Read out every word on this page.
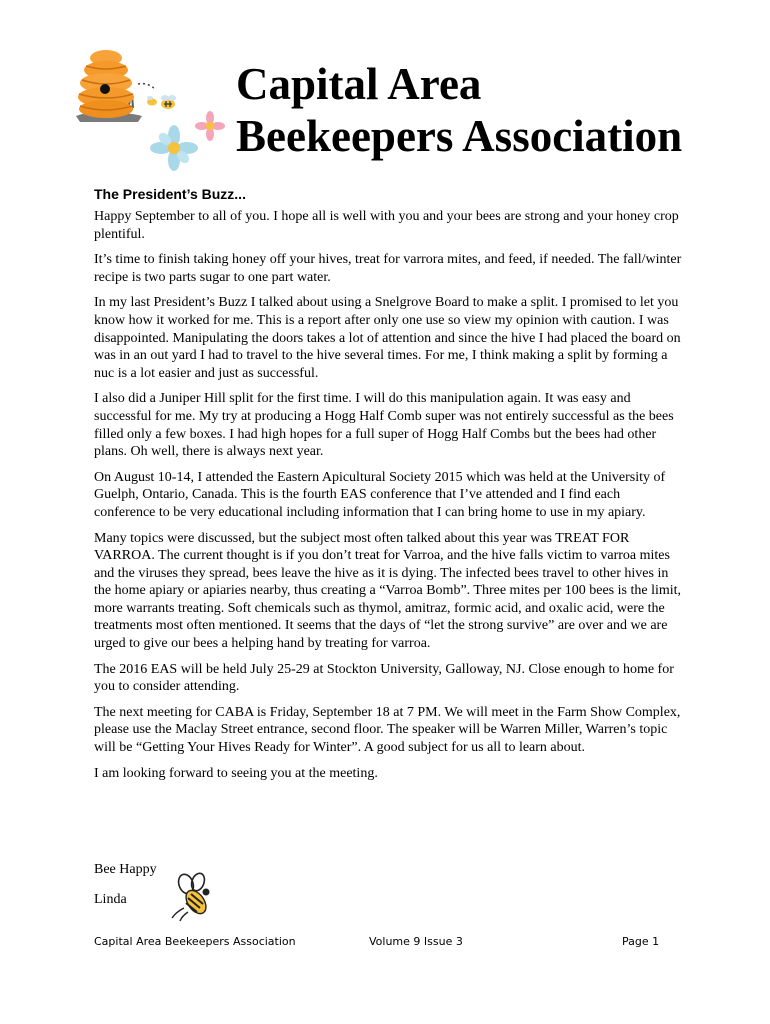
Capital Area
Beekeepers Association
The President’s Buzz...

Happy September to all of you. I hope all is well with you and your bees are strong and your honey crop plentiful.

It’s time to finish taking honey off your hives, treat for varrora mites, and feed, if needed. The fall/winter recipe is two parts sugar to one part water.

In my last President’s Buzz I talked about using a Snelgrove Board to make a split. I promised to let you know how it worked for me. This is a report after only one use so view my opinion with caution. I was disappointed. Manipulating the doors takes a lot of attention and since the hive I had placed the board on was in an out yard I had to travel to the hive several times. For me, I think making a split by forming a nuc is a lot easier and just as successful.

I also did a Juniper Hill split for the first time. I will do this manipulation again. It was easy and successful for me. My try at producing a Hogg Half Comb super was not entirely successful as the bees filled only a few boxes. I had high hopes for a full super of Hogg Half Combs but the bees had other plans. Oh well, there is always next year.

On August 10-14, I attended the Eastern Apicultural Society 2015 which was held at the University of Guelph, Ontario, Canada. This is the fourth EAS conference that I’ve attended and I find each conference to be very educational including information that I can bring home to use in my apiary.

Many topics were discussed, but the subject most often talked about this year was TREAT FOR VARROA. The current thought is if you don’t treat for Varroa, and the hive falls victim to varroa mites and the viruses they spread, bees leave the hive as it is dying. The infected bees travel to other hives in the home apiary or apiaries nearby, thus creating a “Varroa Bomb”. Three mites per 100 bees is the limit, more warrants treating. Soft chemicals such as thymol, amitraz, formic acid, and oxalic acid, were the treatments most often mentioned. It seems that the days of “let the strong survive” are over and we are urged to give our bees a helping hand by treating for varroa.

The 2016 EAS will be held July 25-29 at Stockton University, Galloway, NJ. Close enough to home for you to consider attending.

The next meeting for CABA is Friday, September 18 at 7 PM. We will meet in the Farm Show Complex, please use the Maclay Street entrance, second floor. The speaker will be Warren Miller, Warren’s topic will be “Getting Your Hives Ready for Winter”. A good subject for us all to learn about.

I am looking forward to seeing you at the meeting.

Bee Happy
Linda
Capital Area Beekeepers Association	Volume 9 Issue 3	Page 1
